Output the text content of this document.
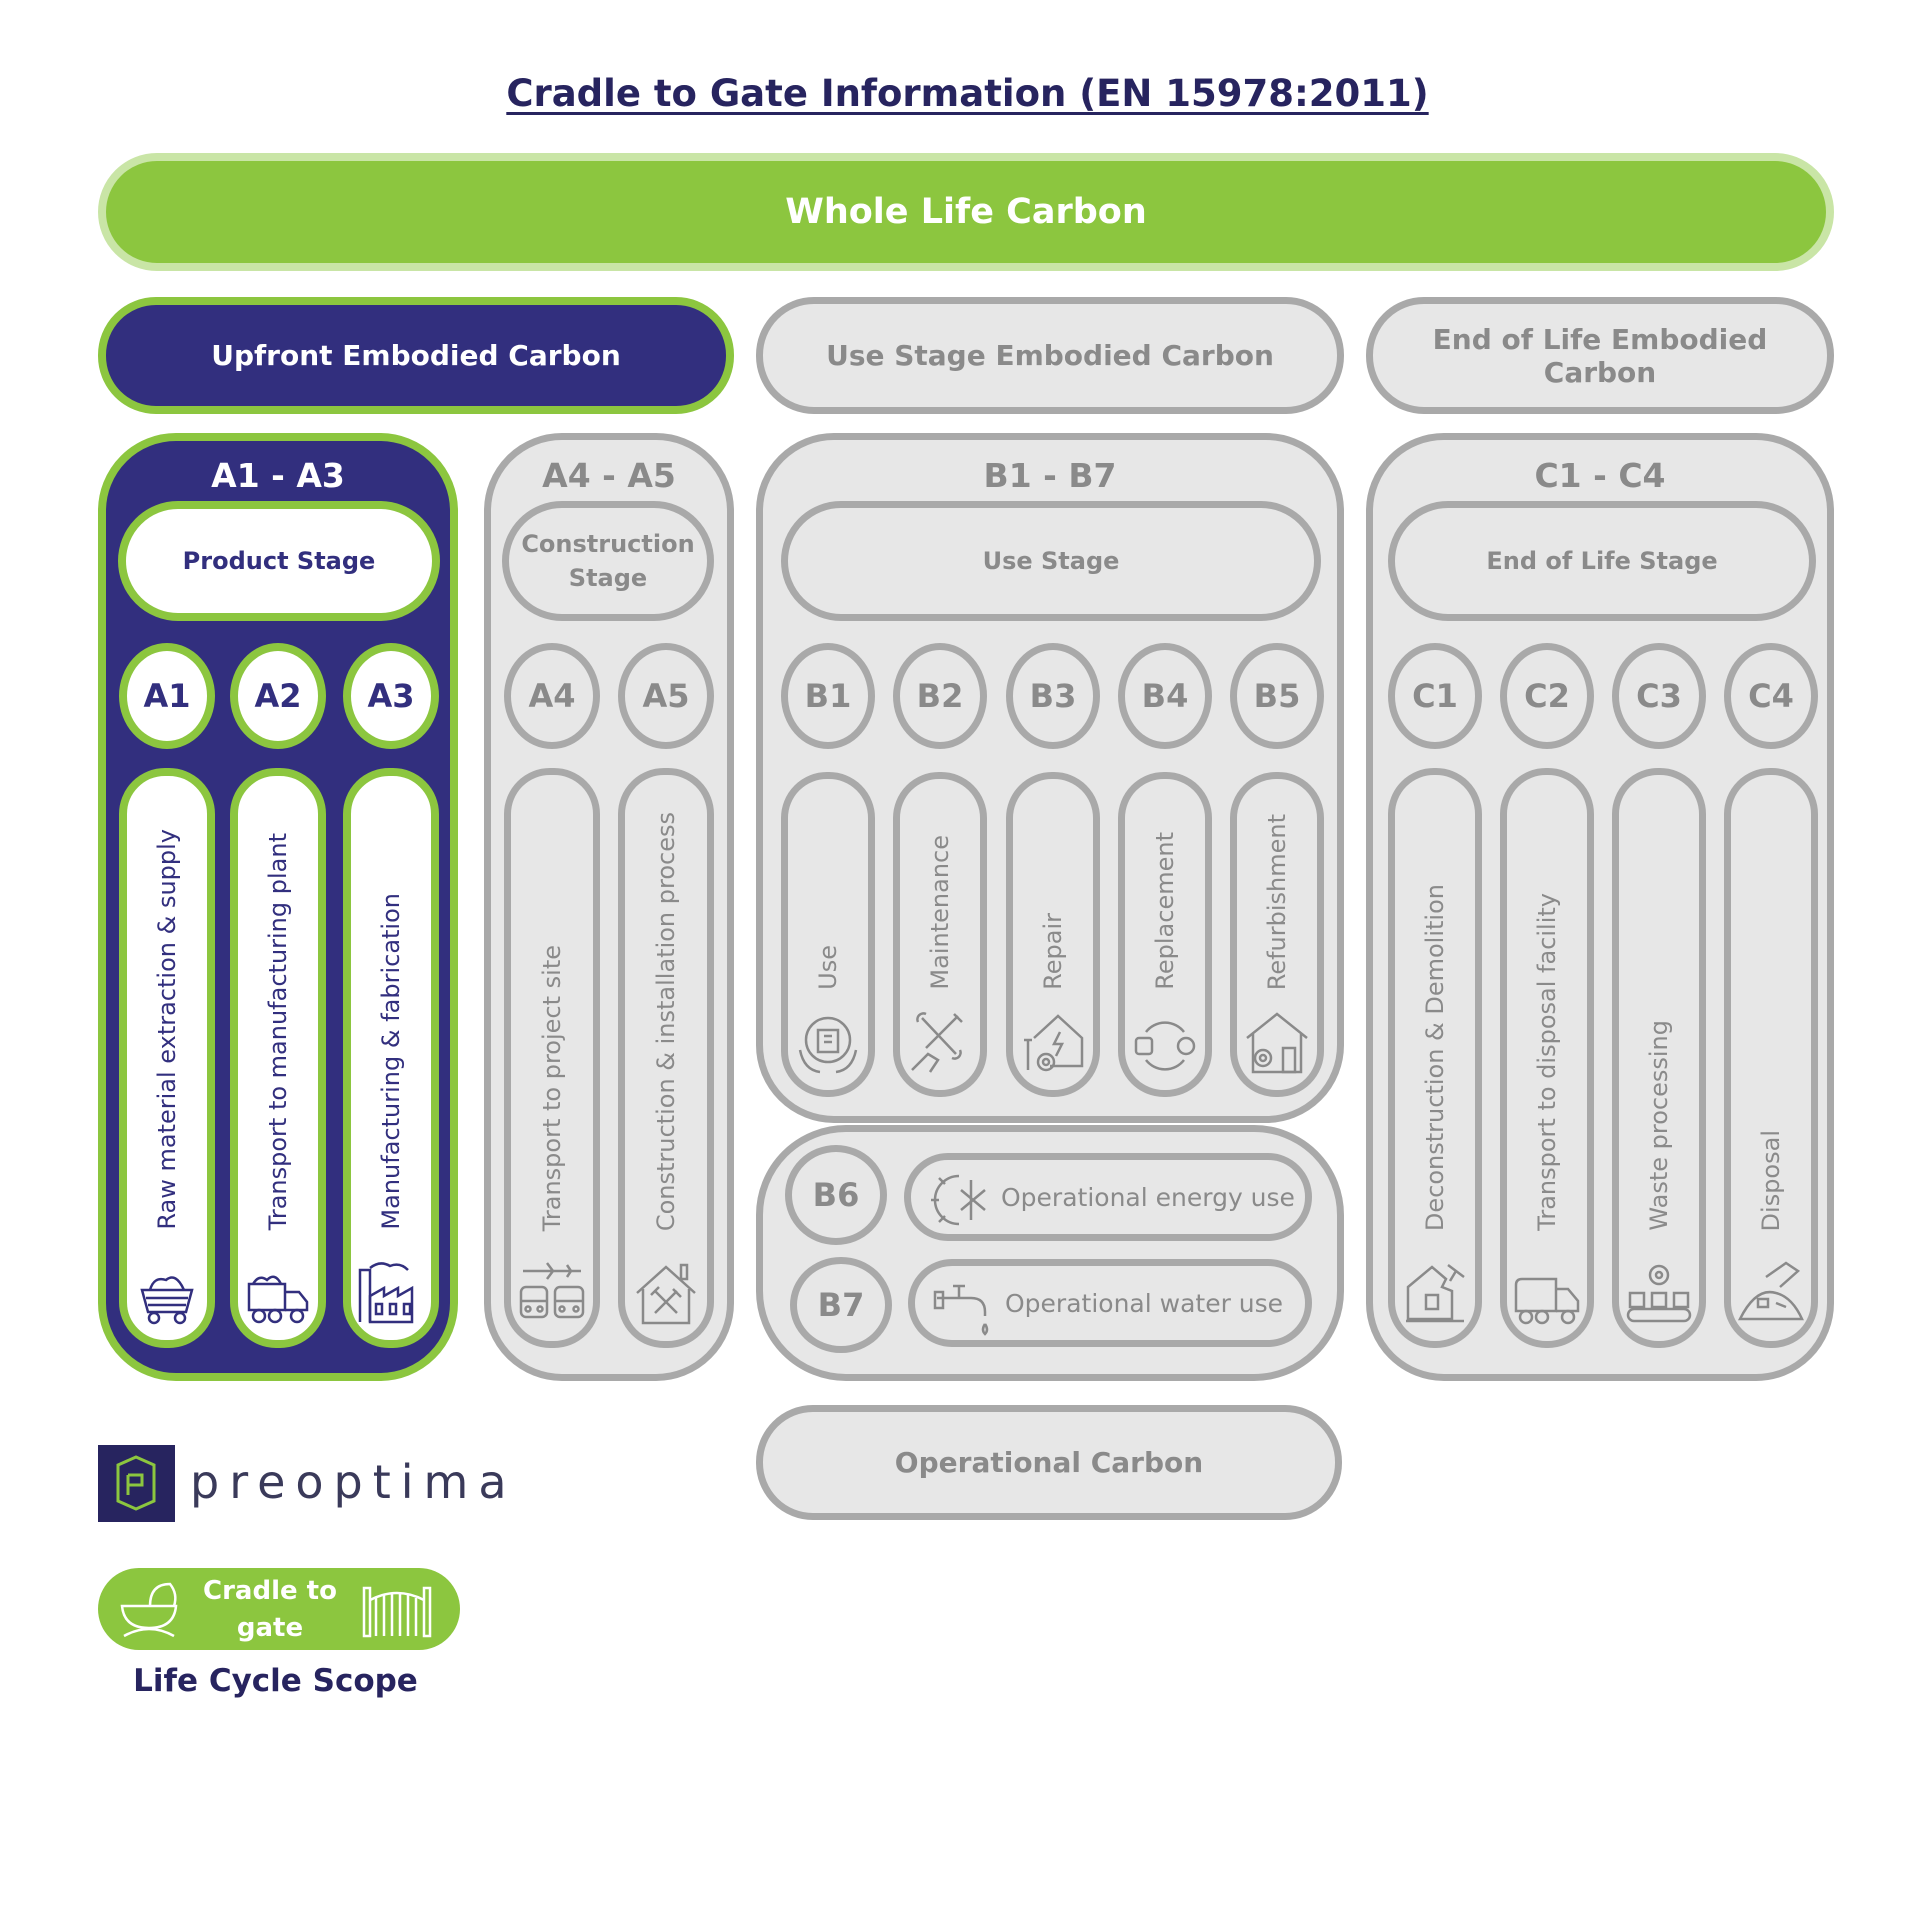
Cradle to Gate Information (EN 15978:2011)
Whole Life Carbon
Upfront Embodied Carbon	Use Stage Embodied Carbon	End of Life Embodied Carbon
A1 - A3
Product Stage
A1	A2	A3
Raw material extraction & supply	Transport to manufacturing plant	Manufacturing & fabrication
A4 - A5
Construction Stage
A4	A5
Transport to project site	Construction & installation process
B1 - B7
Use Stage
B1	B2	B3	B4	B5
Use	Maintenance	Repair	Replacement	Refurbishment
B6
B7
Operational energy use
Operational water use
C1 - C4
End of Life Stage
C1	C2	C3	C4
Deconstruction & Demolition	Transport to disposal facility	Waste processing	Disposal
Operational Carbon
preoptima
Cradle to gate
Life Cycle Scope
